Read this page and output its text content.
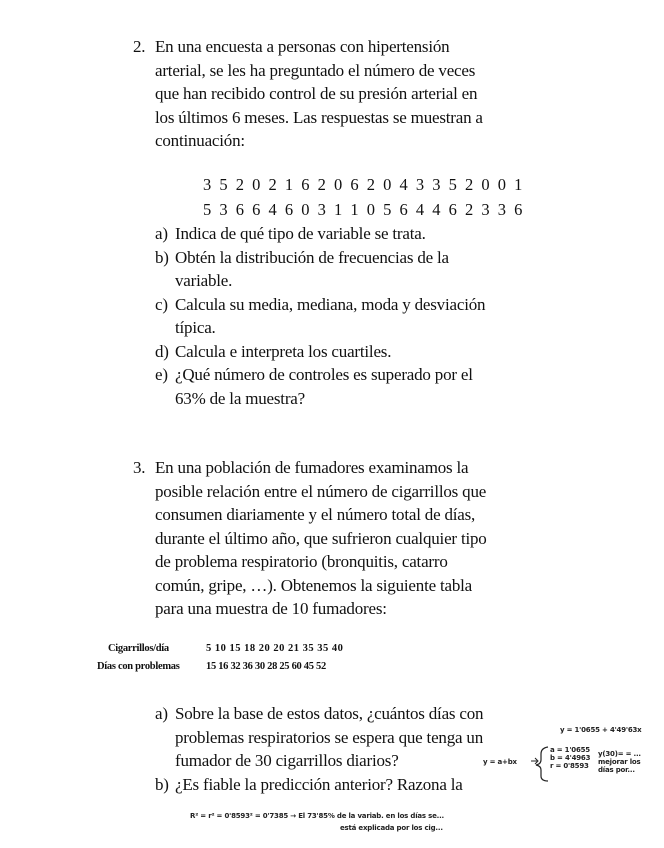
2. En una encuesta a personas con hipertensión
arterial, se les ha preguntado el número de veces
que han recibido control de su presión arterial en
los últimos 6 meses. Las respuestas se muestran a
continuación:
3 5 2 0 2 1 6 2 0 6 2 0 4 3 3 5 2 0 0 1
5 3 6 6 4 6 0 3 1 1 0 5 6 4 4 6 2 3 3 6
a) Indica de qué tipo de variable se trata.
b) Obtén la distribución de frecuencias de la
variable.
c) Calcula su media, mediana, moda y desviación
típica.
d) Calcula e interpreta los cuartiles.
e) ¿Qué número de controles es superado por el
63% de la muestra?
3. En una población de fumadores examinamos la
posible relación entre el número de cigarrillos que
consumen diariamente y el número total de días,
durante el último año, que sufrieron cualquier tipo
de problema respiratorio (bronquitis, catarro
común, gripe, …). Obtenemos la siguiente tabla
para una muestra de 10 fumadores:
Cigarrillos/día	5 10 15 18 20 20 21 35 35 40
Días con problemas	15 16 32 36 30 28 25 60 45 52
a) Sobre la base de estos datos, ¿cuántos días con
problemas respiratorios se espera que tenga un
fumador de 30 cigarrillos diarios?
b) ¿Es fiable la predicción anterior? Razona la
y = 1'0655 + 4'49'63x
y = a+bx
a = 1'0655
b = 4'4963
r = 0'8593
y(30)= = ...
mejorar los
días por...
R² = r² = 0'8593² = 0'7385 → El 73'85% de la variab. en los días se...
está explicada por los cig...
